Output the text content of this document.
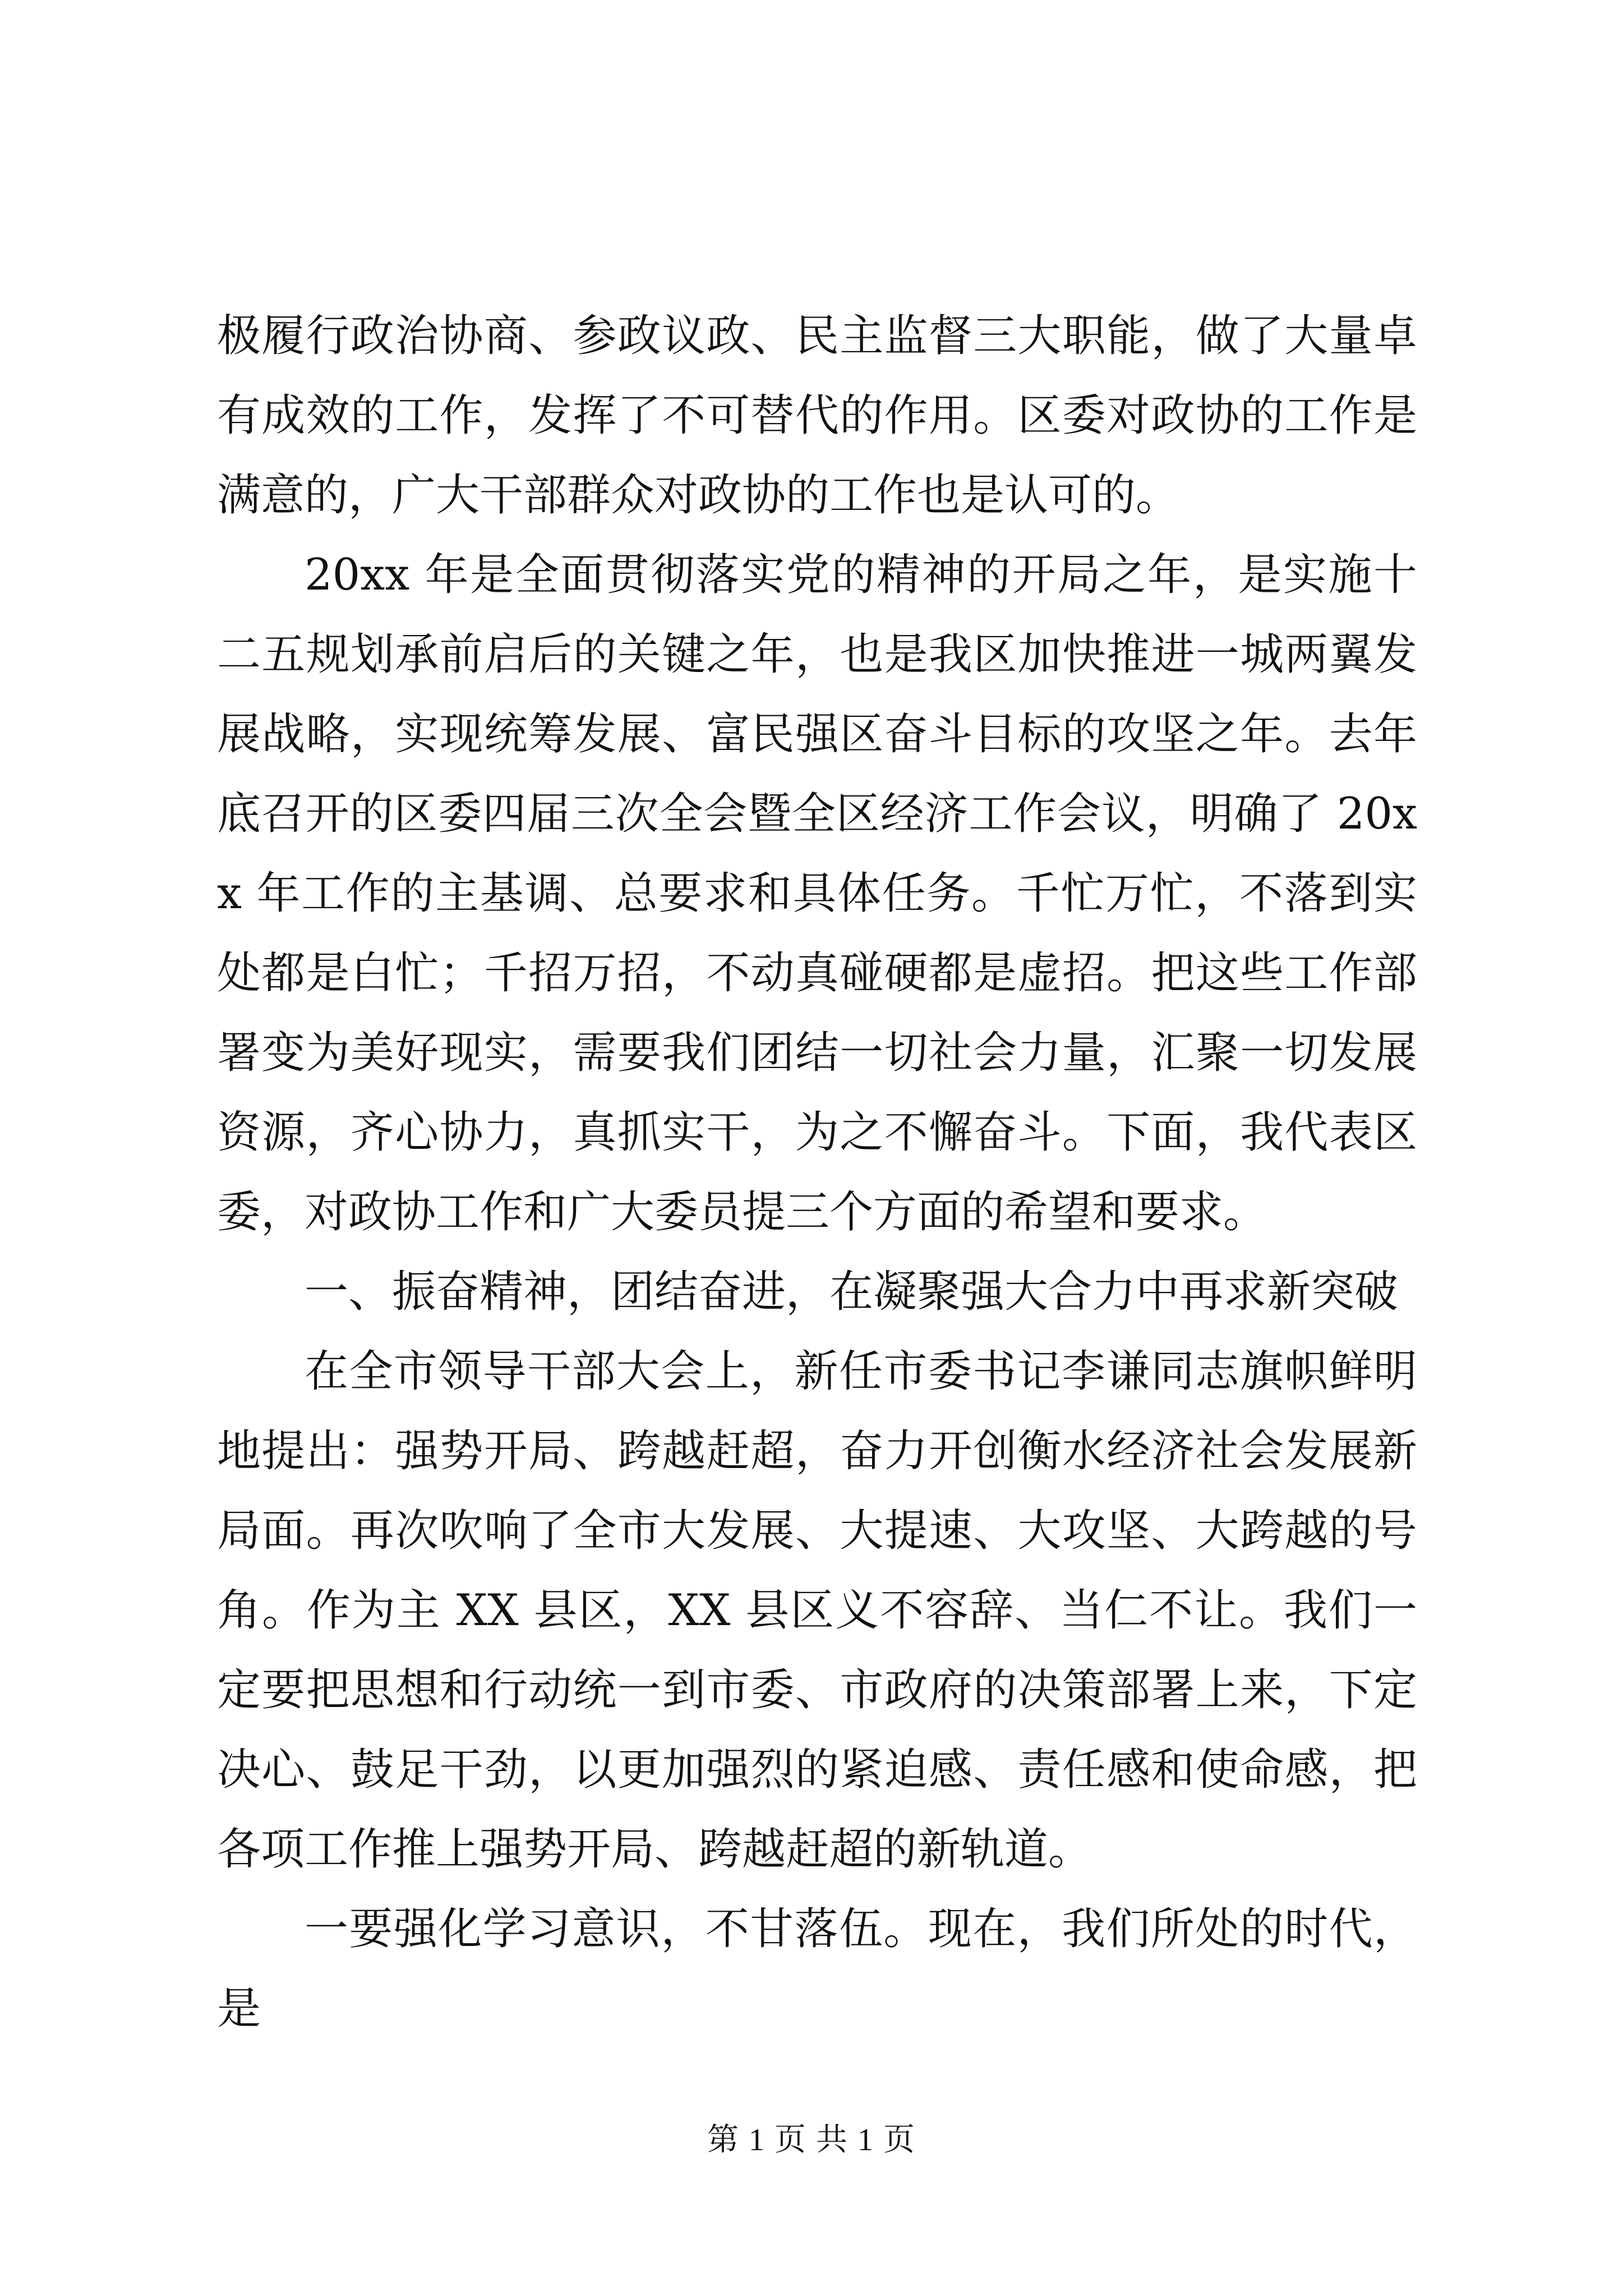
极履行政治协商、参政议政、民主监督三大职能，做了大量卓有成效的工作，发挥了不可替代的作用。区委对政协的工作是满意的，广大干部群众对政协的工作也是认可的。

20xx 年是全面贯彻落实党的精神的开局之年，是实施十二五规划承前启后的关键之年，也是我区加快推进一城两翼发展战略，实现统筹发展、富民强区奋斗目标的攻坚之年。去年底召开的区委四届三次全会暨全区经济工作会议，明确了 20xx 年工作的主基调、总要求和具体任务。千忙万忙，不落到实处都是白忙；千招万招，不动真碰硬都是虚招。把这些工作部署变为美好现实，需要我们团结一切社会力量，汇聚一切发展资源，齐心协力，真抓实干，为之不懈奋斗。下面，我代表区委，对政协工作和广大委员提三个方面的希望和要求。

一、振奋精神，团结奋进，在凝聚强大合力中再求新突破

在全市领导干部大会上，新任市委书记李谦同志旗帜鲜明地提出：强势开局、跨越赶超，奋力开创衡水经济社会发展新局面。再次吹响了全市大发展、大提速、大攻坚、大跨越的号角。作为主 XX 县区，XX 县区义不容辞、当仁不让。我们一定要把思想和行动统一到市委、市政府的决策部署上来，下定决心、鼓足干劲，以更加强烈的紧迫感、责任感和使命感，把各项工作推上强势开局、跨越赶超的新轨道。

一要强化学习意识，不甘落伍。现在，我们所处的时代，是

第 1 页 共 1 页
